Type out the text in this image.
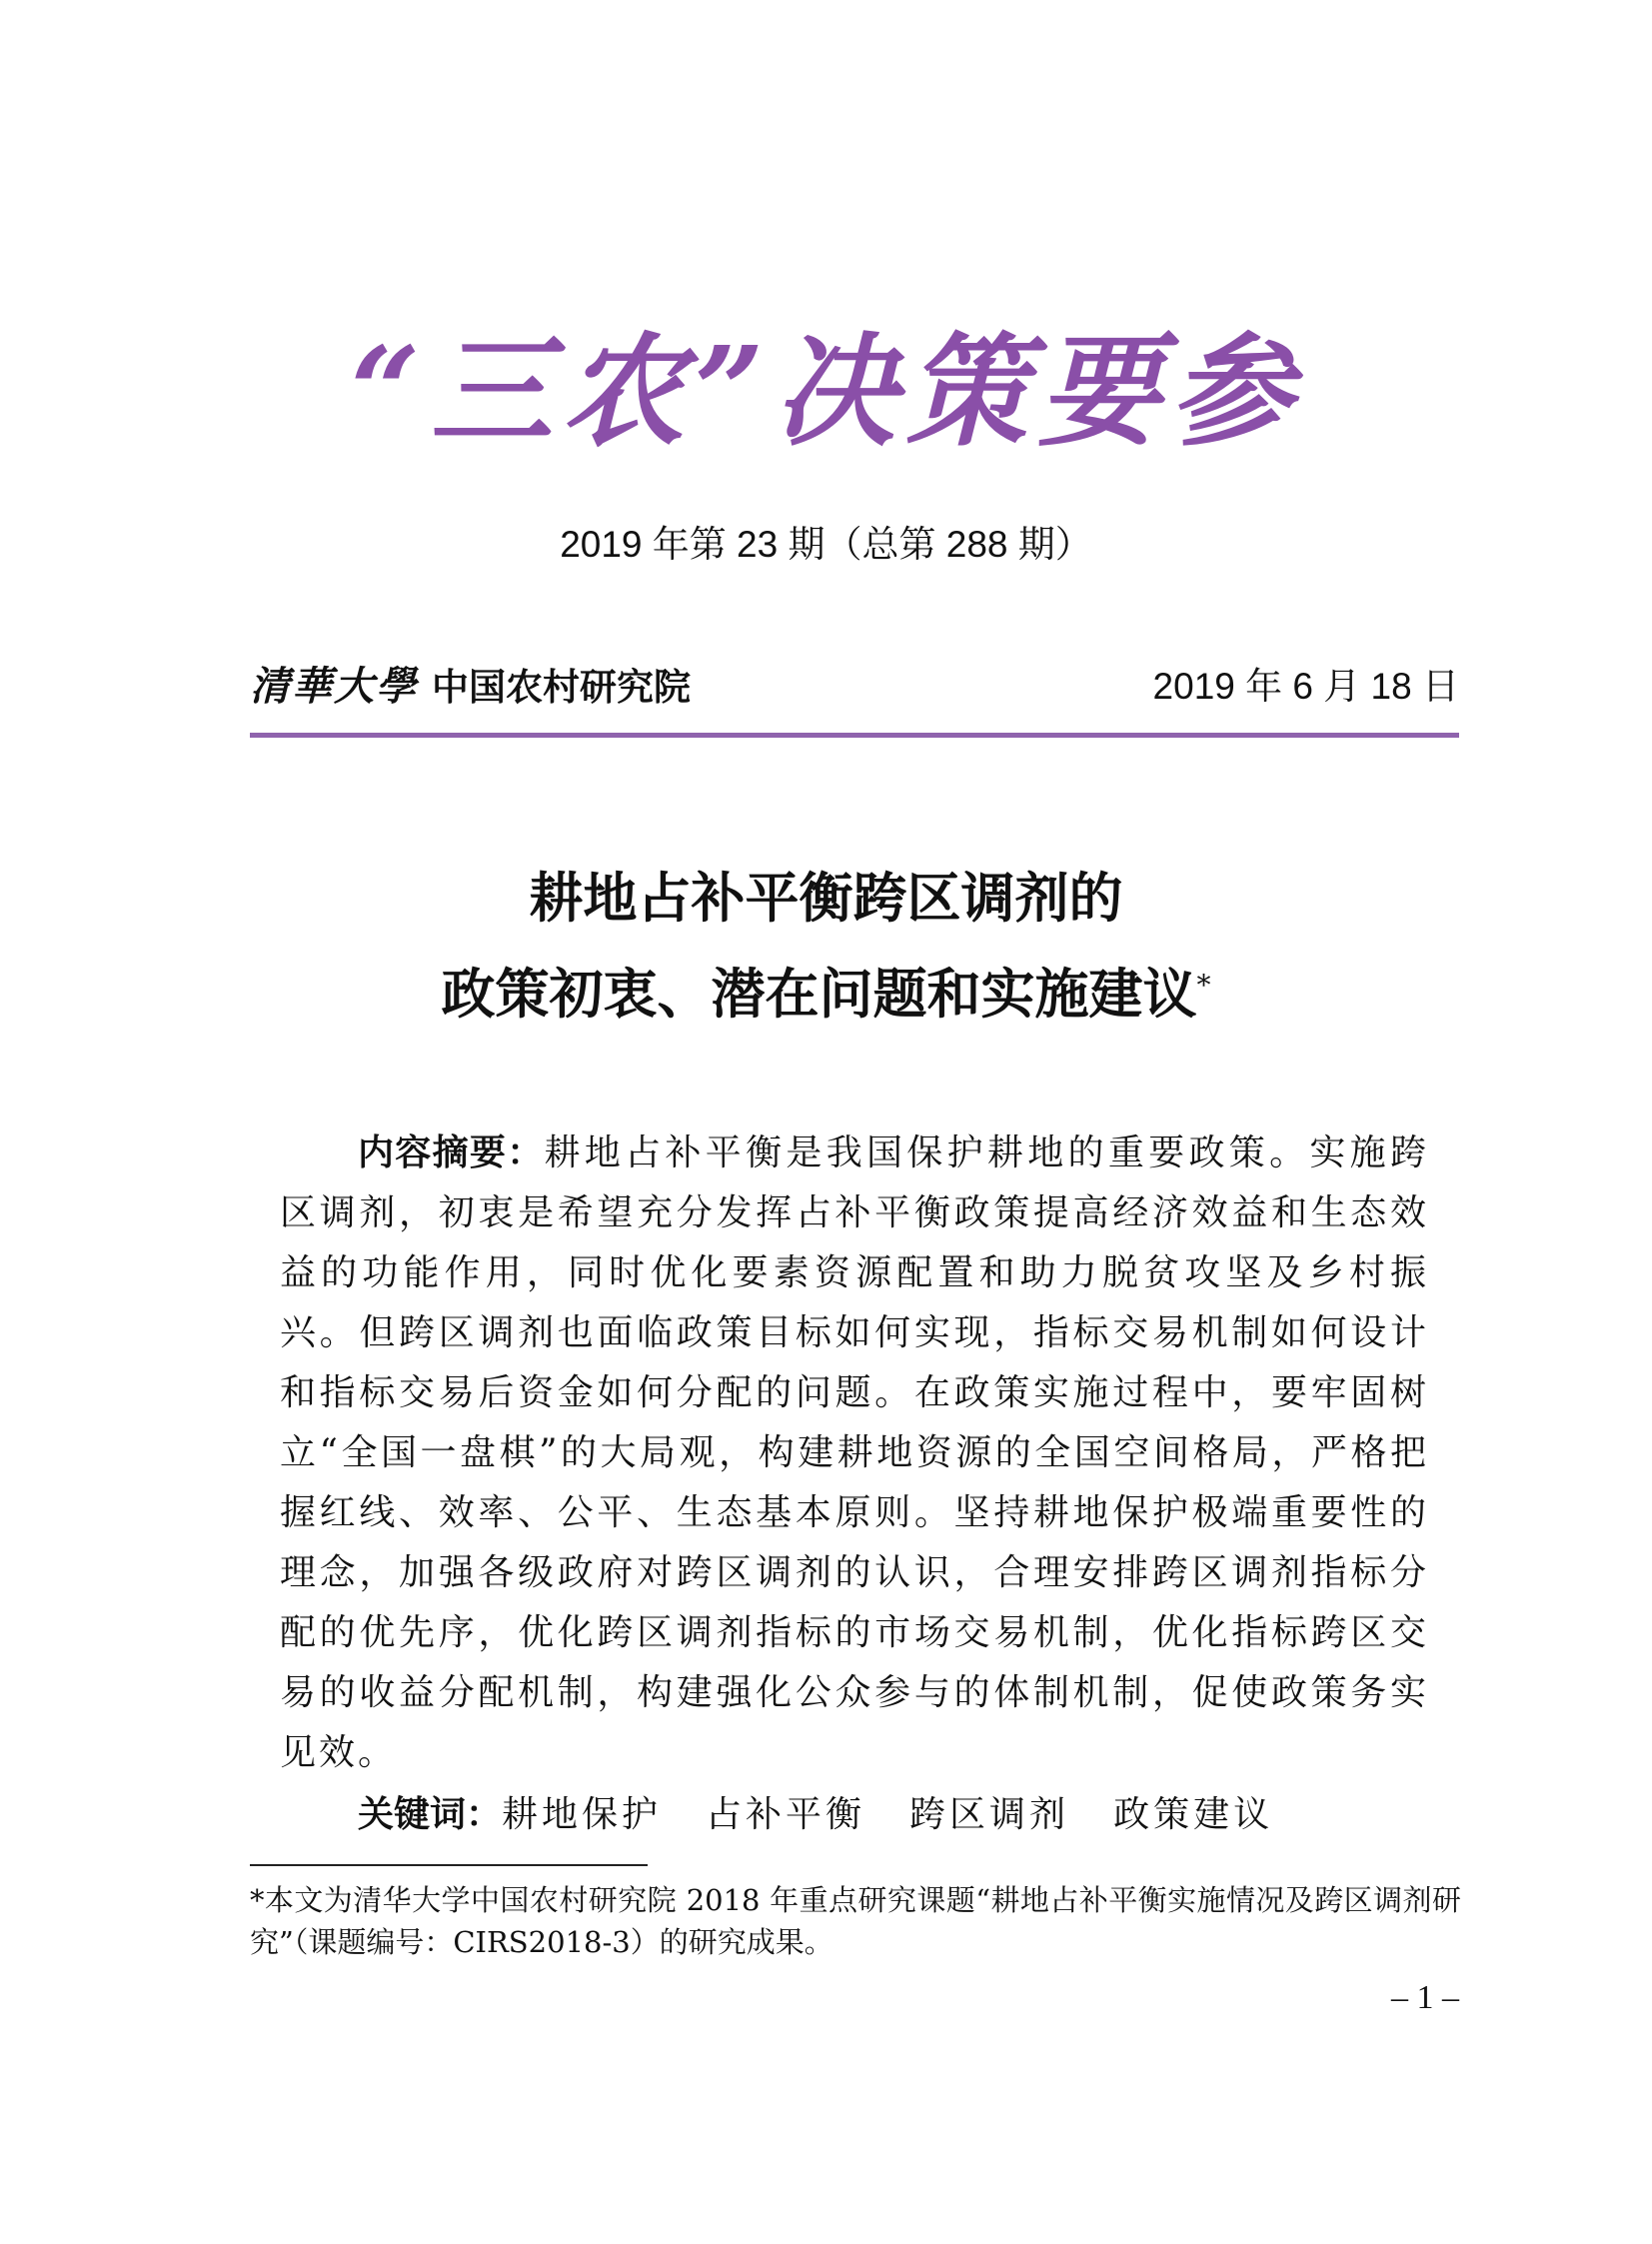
“三农”决策要参
2019 年第 23 期（总第 288 期）
清華大學 中国农村研究院	2019 年 6 月 18 日
耕地占补平衡跨区调剂的
政策初衷、潜在问题和实施建议*
内容摘要：耕地占补平衡是我国保护耕地的重要政策。实施跨区调剂，初衷是希望充分发挥占补平衡政策提高经济效益和生态效益的功能作用，同时优化要素资源配置和助力脱贫攻坚及乡村振兴。但跨区调剂也面临政策目标如何实现，指标交易机制如何设计和指标交易后资金如何分配的问题。在政策实施过程中，要牢固树立“全国一盘棋”的大局观，构建耕地资源的全国空间格局，严格把握红线、效率、公平、生态基本原则。坚持耕地保护极端重要性的理念，加强各级政府对跨区调剂的认识，合理安排跨区调剂指标分配的优先序，优化跨区调剂指标的市场交易机制，优化指标跨区交易的收益分配机制，构建强化公众参与的体制机制，促使政策务实见效。
关键词：耕地保护 占补平衡 跨区调剂 政策建议
*本文为清华大学中国农村研究院 2018 年重点研究课题“耕地占补平衡实施情况及跨区调剂研究”（课题编号：CIRS2018-3）的研究成果。
– 1 –
